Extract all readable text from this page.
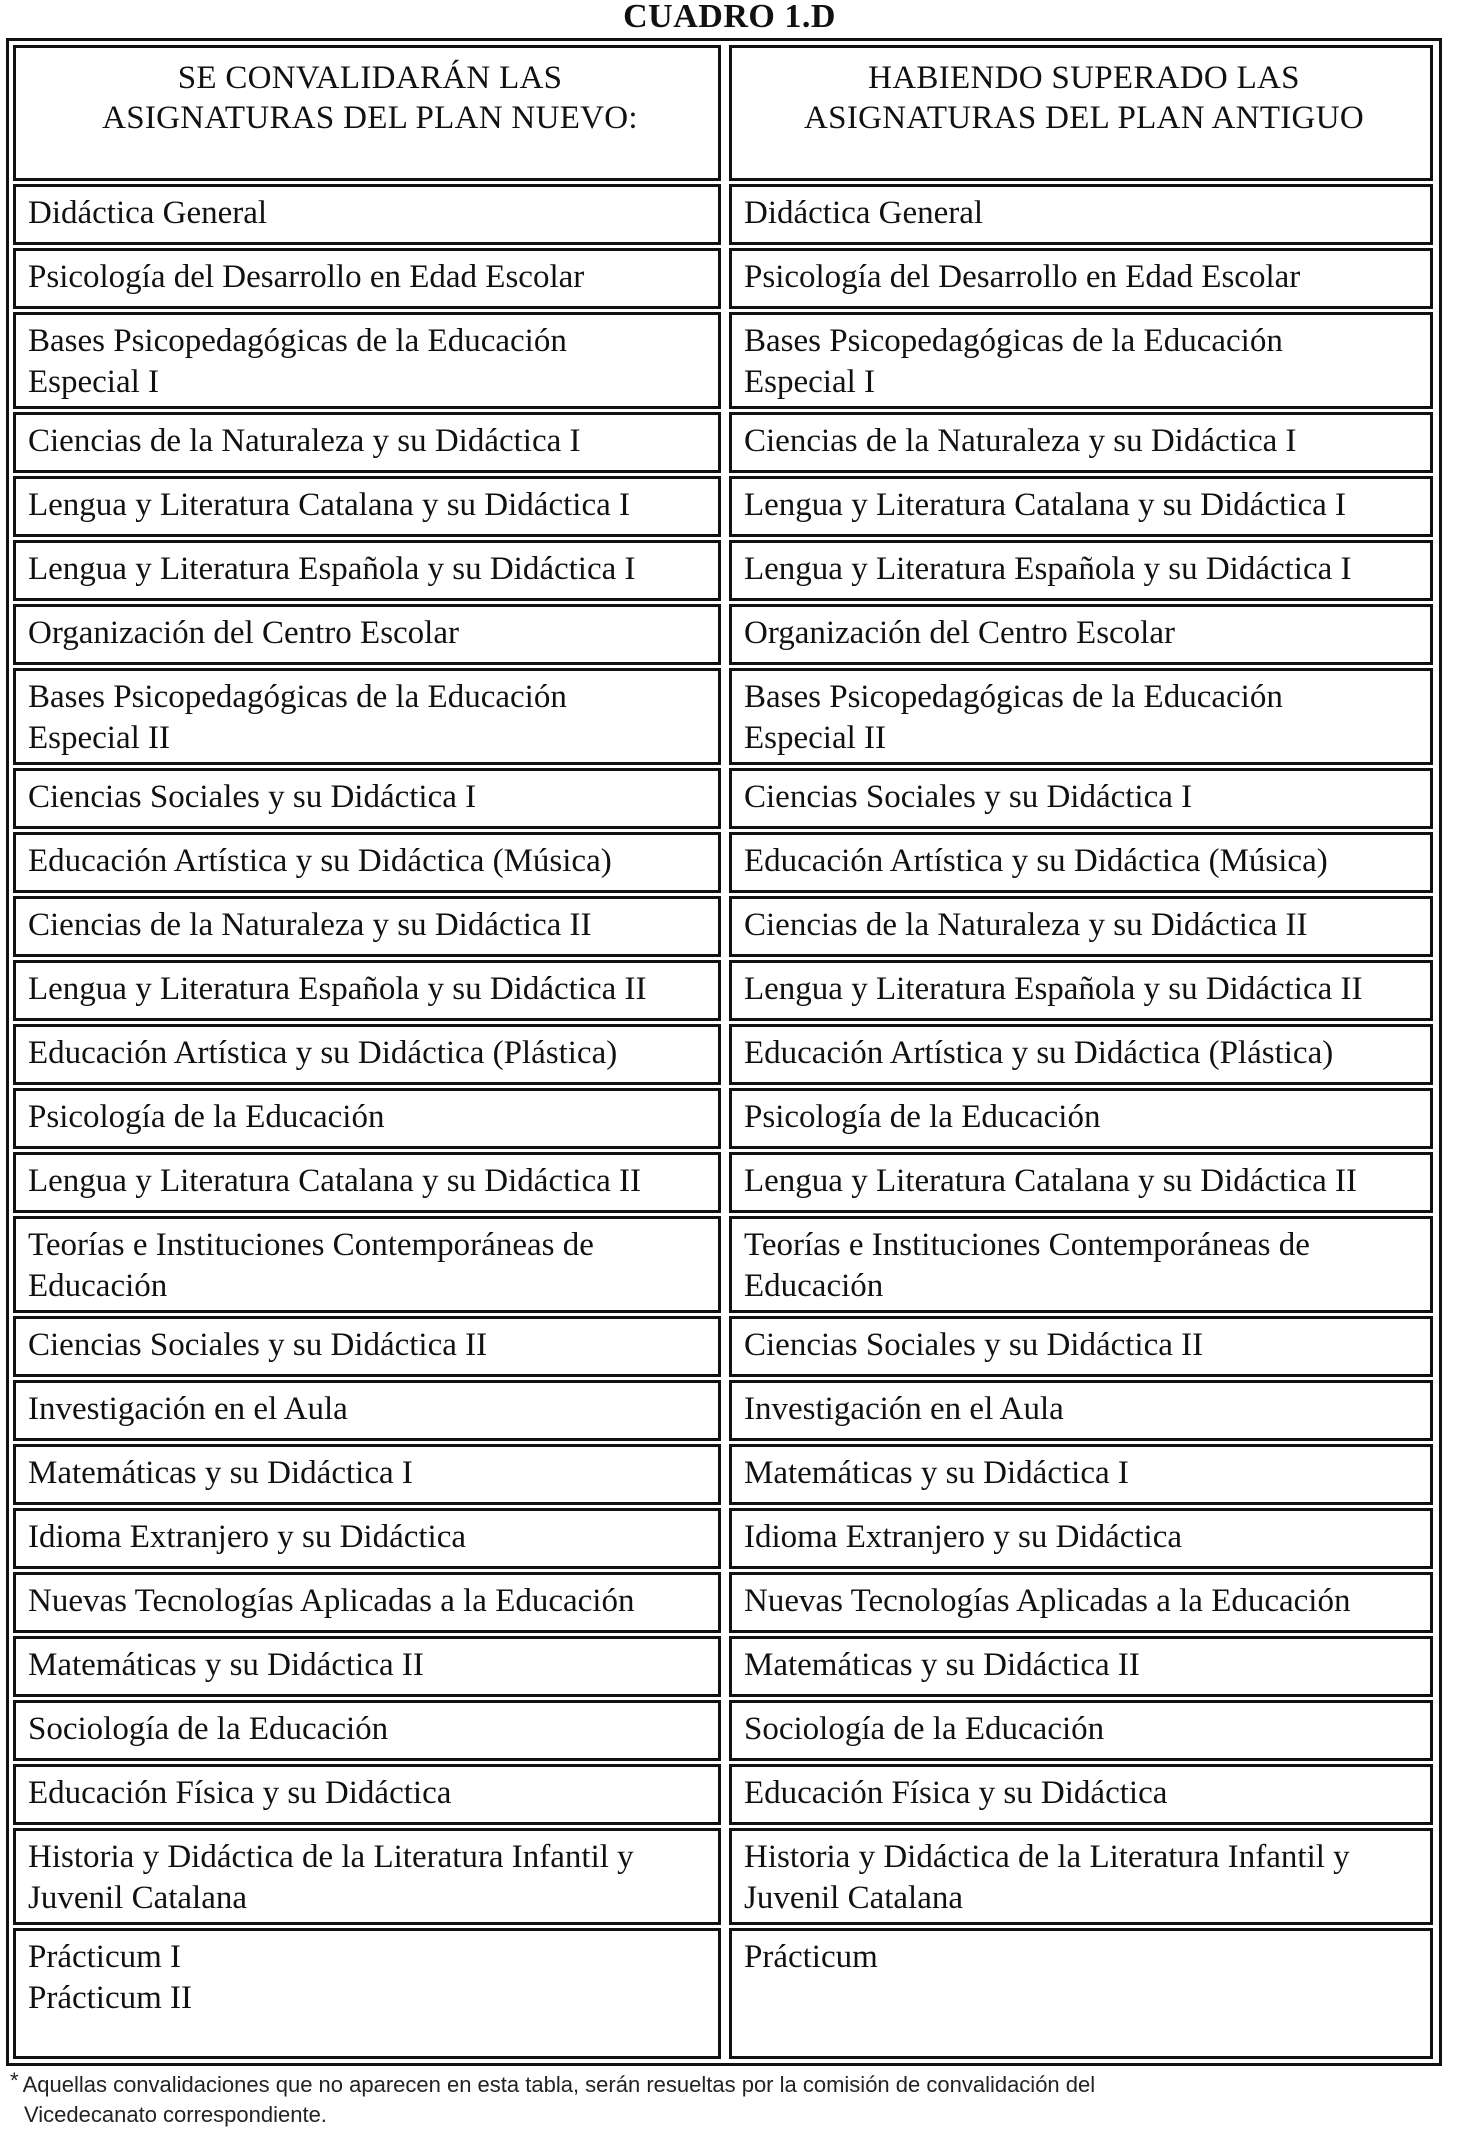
CUADRO 1.D
SE CONVALIDARÁN LAS
ASIGNATURAS DEL PLAN NUEVO:
Didáctica General
Psicología del Desarrollo en Edad Escolar
Bases Psicopedagógicas de la Educación
Especial I
Ciencias de la Naturaleza y su Didáctica I
Lengua y Literatura Catalana y su Didáctica I
Lengua y Literatura Española y su Didáctica I
Organización del Centro Escolar
Bases Psicopedagógicas de la Educación
Especial II
Ciencias Sociales y su Didáctica I
Educación Artística y su Didáctica (Música)
Ciencias de la Naturaleza y su Didáctica II
Lengua y Literatura Española y su Didáctica II
Educación Artística y su Didáctica (Plástica)
Psicología de la Educación
Lengua y Literatura Catalana y su Didáctica II
Teorías e Instituciones Contemporáneas de
Educación
Ciencias Sociales y su Didáctica II
Investigación en el Aula
Matemáticas y su Didáctica I
Idioma Extranjero y su Didáctica
Nuevas Tecnologías Aplicadas a la Educación
Matemáticas y su Didáctica II
Sociología de la Educación
Educación Física y su Didáctica
Historia y Didáctica de la Literatura Infantil y
Juvenil Catalana
Prácticum I
Prácticum II
HABIENDO SUPERADO LAS
ASIGNATURAS DEL PLAN ANTIGUO
Didáctica General
Psicología del Desarrollo en Edad Escolar
Bases Psicopedagógicas de la Educación
Especial I
Ciencias de la Naturaleza y su Didáctica I
Lengua y Literatura Catalana y su Didáctica I
Lengua y Literatura Española y su Didáctica I
Organización del Centro Escolar
Bases Psicopedagógicas de la Educación
Especial II
Ciencias Sociales y su Didáctica I
Educación Artística y su Didáctica (Música)
Ciencias de la Naturaleza y su Didáctica II
Lengua y Literatura Española y su Didáctica II
Educación Artística y su Didáctica (Plástica)
Psicología de la Educación
Lengua y Literatura Catalana y su Didáctica II
Teorías e Instituciones Contemporáneas de
Educación
Ciencias Sociales y su Didáctica II
Investigación en el Aula
Matemáticas y su Didáctica I
Idioma Extranjero y su Didáctica
Nuevas Tecnologías Aplicadas a la Educación
Matemáticas y su Didáctica II
Sociología de la Educación
Educación Física y su Didáctica
Historia y Didáctica de la Literatura Infantil y
Juvenil Catalana
Prácticum
* Aquellas convalidaciones que no aparecen en esta tabla, serán resueltas por la comisión de convalidación del
Vicedecanato correspondiente.
